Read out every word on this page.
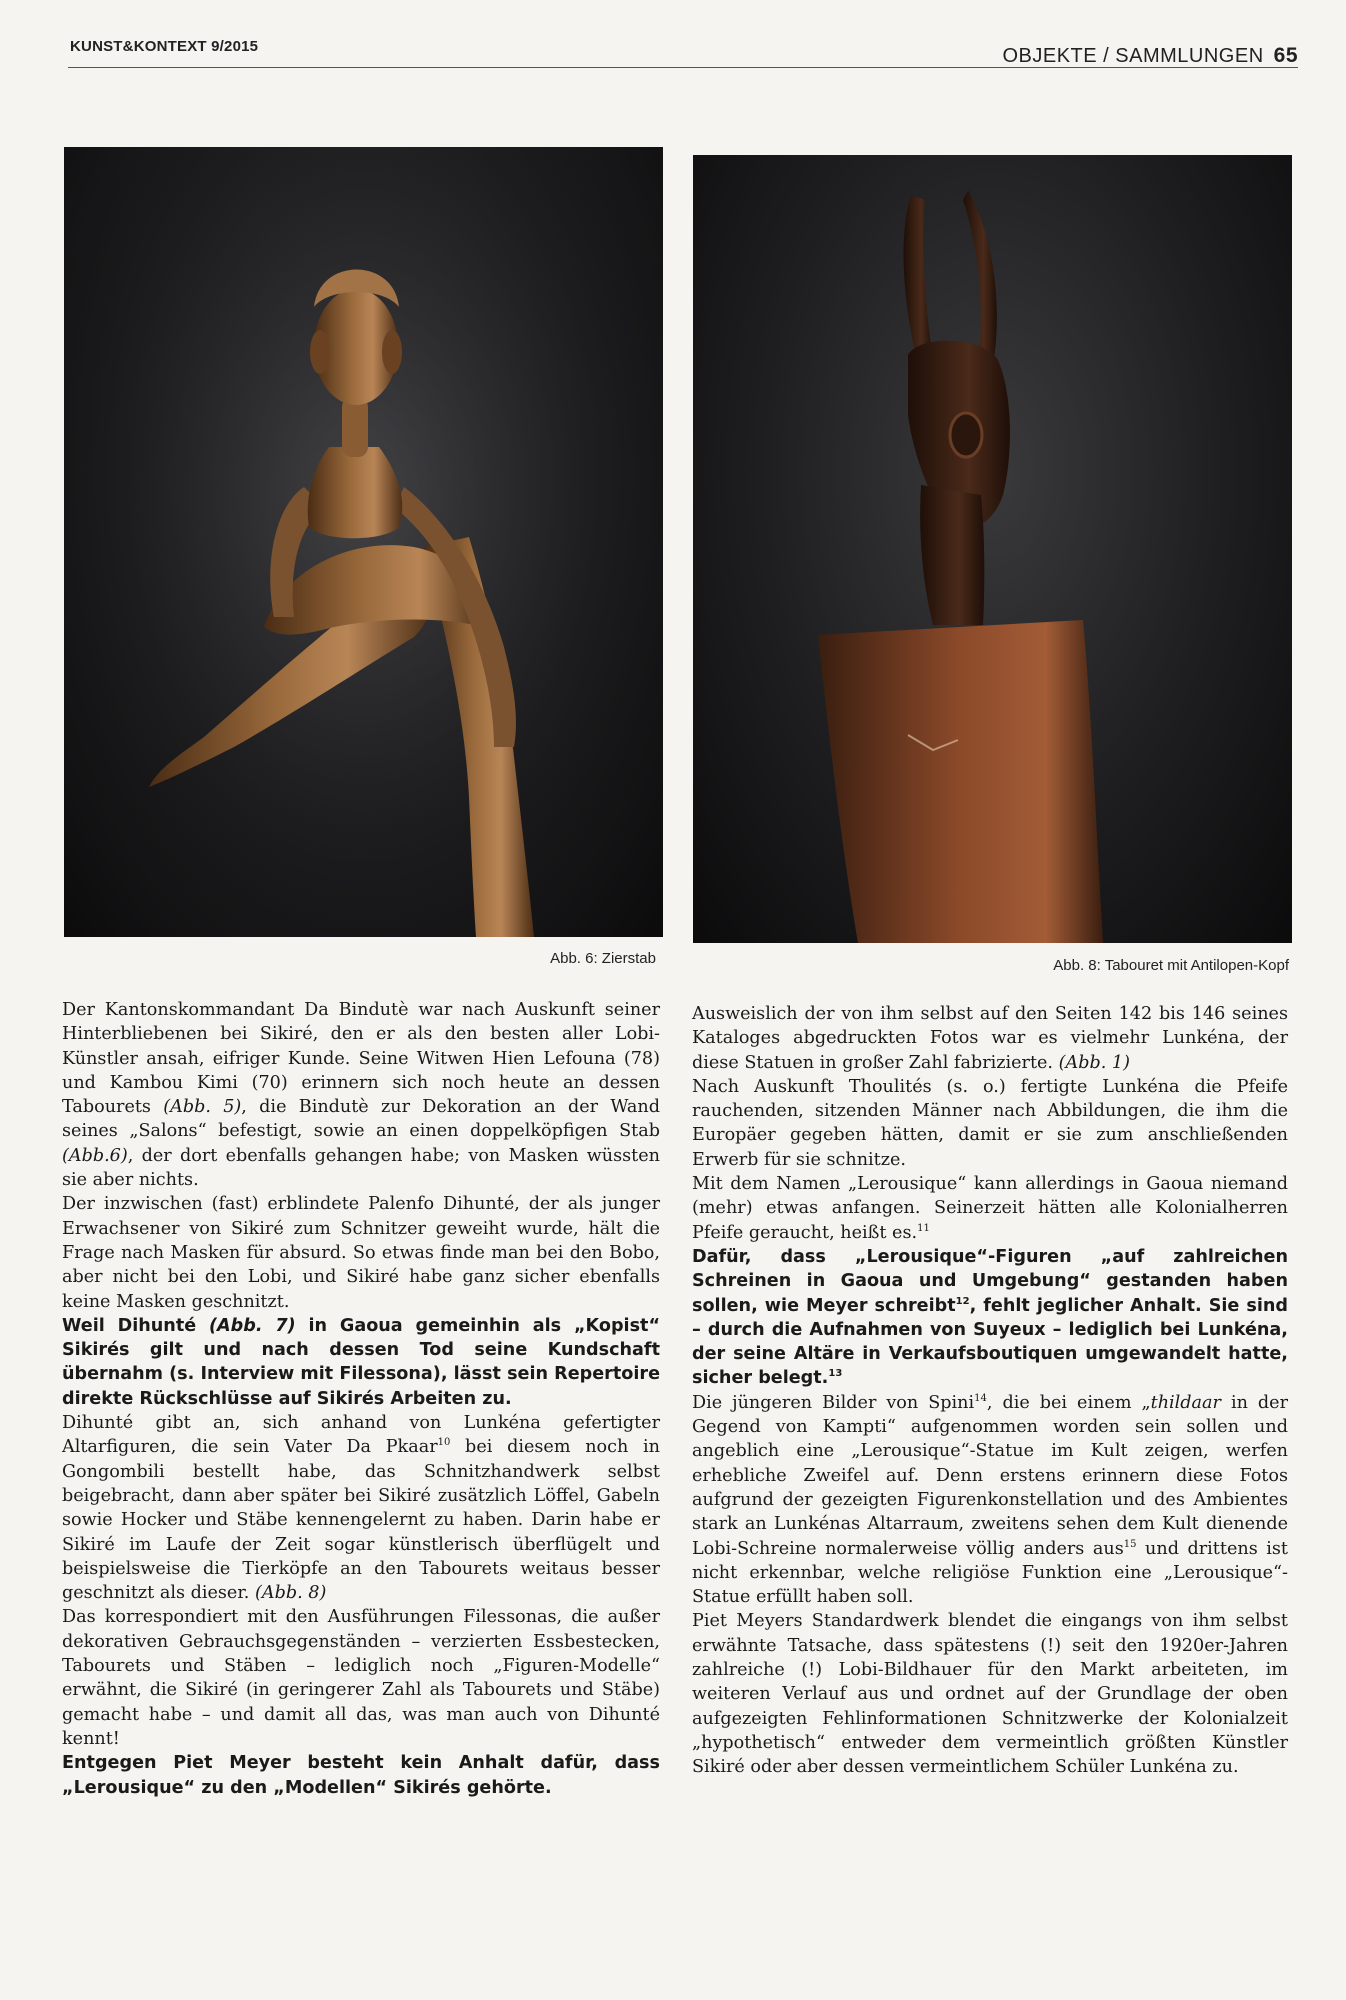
KUNST&KONTEXT 9/2015	OBJEKTE / SAMMLUNGEN 65
Abb. 6: Zierstab	Abb. 8: Tabouret mit Antilopen-Kopf

Der Kantonskommandant Da Bindutè war nach Auskunft seiner Hinterbliebenen bei Sikiré, den er als den besten aller Lobi-Künstler ansah, eifriger Kunde. Seine Witwen Hien Lefouna (78) und Kambou Kimi (70) erinnern sich noch heute an dessen Tabourets (Abb. 5), die Bindutè zur Dekoration an der Wand seines „Salons“ befestigt, sowie an einen doppelköpfigen Stab (Abb.6), der dort ebenfalls gehangen habe; von Masken wüssten sie aber nichts.

Der inzwischen (fast) erblindete Palenfo Dihunté, der als junger Erwachsener von Sikiré zum Schnitzer geweiht wurde, hält die Frage nach Masken für absurd. So etwas finde man bei den Bobo, aber nicht bei den Lobi, und Sikiré habe ganz sicher ebenfalls keine Masken geschnitzt.

Weil Dihunté (Abb. 7) in Gaoua gemeinhin als „Kopist“ Sikirés gilt und nach dessen Tod seine Kundschaft übernahm (s. Interview mit Filessona), lässt sein Repertoire direkte Rückschlüsse auf Sikirés Arbeiten zu.

Dihunté gibt an, sich anhand von Lunkéna gefertigter Altarfiguren, die sein Vater Da Pkaar$^{10}$ bei diesem noch in Gongombili bestellt habe, das Schnitzhandwerk selbst beigebracht, dann aber später bei Sikiré zusätzlich Löffel, Gabeln sowie Hocker und Stäbe kennengelernt zu haben. Darin habe er Sikiré im Laufe der Zeit sogar künstlerisch überflügelt und beispielsweise die Tierköpfe an den Tabourets weitaus besser geschnitzt als dieser. (Abb. 8)

Das korrespondiert mit den Ausführungen Filessonas, die außer dekorativen Gebrauchsgegenständen – verzierten Essbestecken, Tabourets und Stäben – lediglich noch „Figuren-Modelle“ erwähnt, die Sikiré (in geringerer Zahl als Tabourets und Stäbe) gemacht habe – und damit all das, was man auch von Dihunté kennt!

Entgegen Piet Meyer besteht kein Anhalt dafür, dass „Lerousique“ zu den „Modellen“ Sikirés gehörte.

Ausweislich der von ihm selbst auf den Seiten 142 bis 146 seines Kataloges abgedruckten Fotos war es vielmehr Lunkéna, der diese Statuen in großer Zahl fabrizierte. (Abb. 1)

Nach Auskunft Thoulités (s. o.) fertigte Lunkéna die Pfeife rauchenden, sitzenden Männer nach Abbildungen, die ihm die Europäer gegeben hätten, damit er sie zum anschließenden Erwerb für sie schnitze.

Mit dem Namen „Lerousique“ kann allerdings in Gaoua niemand (mehr) etwas anfangen. Seinerzeit hätten alle Kolonialherren Pfeife geraucht, heißt es.$^{11}$

Dafür, dass „Lerousique“-Figuren „auf zahlreichen Schreinen in Gaoua und Umgebung“ gestanden haben sollen, wie Meyer schreibt$^{12}$, fehlt jeglicher Anhalt. Sie sind – durch die Aufnahmen von Suyeux – lediglich bei Lunkéna, der seine Altäre in Verkaufsboutiquen umgewandelt hatte, sicher belegt.$^{13}$

Die jüngeren Bilder von Spini$^{14}$, die bei einem „thildaar in der Gegend von Kampti“ aufgenommen worden sein sollen und angeblich eine „Lerousique“-Statue im Kult zeigen, werfen erhebliche Zweifel auf. Denn erstens erinnern diese Fotos aufgrund der gezeigten Figurenkonstellation und des Ambientes stark an Lunkénas Altarraum, zweitens sehen dem Kult dienende Lobi-Schreine normalerweise völlig anders aus$^{15}$ und drittens ist nicht erkennbar, welche religiöse Funktion eine „Lerousique“-Statue erfüllt haben soll.

Piet Meyers Standardwerk blendet die eingangs von ihm selbst erwähnte Tatsache, dass spätestens (!) seit den 1920er-Jahren zahlreiche (!) Lobi-Bildhauer für den Markt arbeiteten, im weiteren Verlauf aus und ordnet auf der Grundlage der oben aufgezeigten Fehlinformationen Schnitzwerke der Kolonialzeit „hypothetisch“ entweder dem vermeintlich größten Künstler Sikiré oder aber dessen vermeintlichem Schüler Lunkéna zu.
